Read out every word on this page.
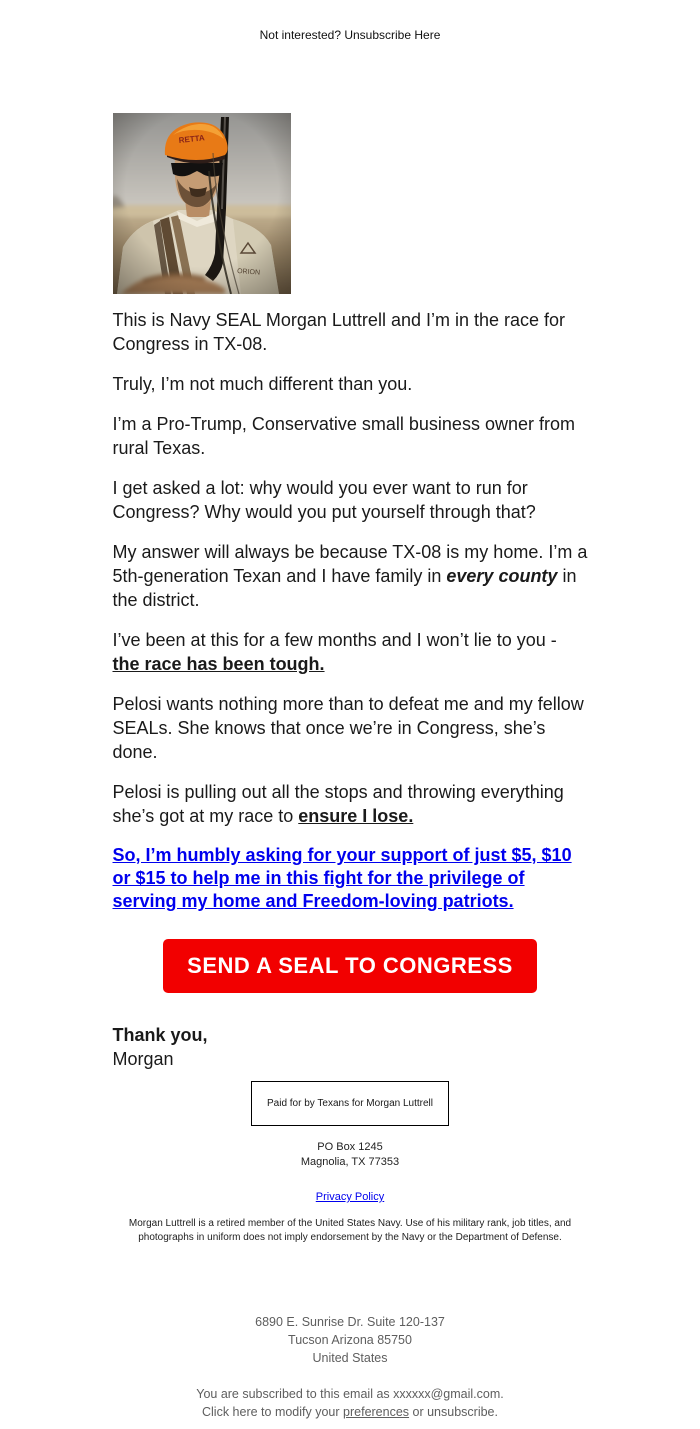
Not interested? Unsubscribe Here

This is Navy SEAL Morgan Luttrell and I’m in the race for Congress in TX-08.

Truly, I’m not much different than you.

I’m a Pro-Trump, Conservative small business owner from rural Texas.

I get asked a lot: why would you ever want to run for Congress? Why would you put yourself through that?

My answer will always be because TX-08 is my home. I’m a 5th-generation Texan and I have family in every county in the district.

I’ve been at this for a few months and I won’t lie to you - the race has been tough.

Pelosi wants nothing more than to defeat me and my fellow SEALs. She knows that once we’re in Congress, she’s done.

Pelosi is pulling out all the stops and throwing everything she’s got at my race to ensure I lose.

So, I’m humbly asking for your support of just $5, $10 or $15 to help me in this fight for the privilege of serving my home and Freedom-loving patriots.
SEND A SEAL TO CONGRESS
Thank you,
Morgan
Paid for by Texans for Morgan Luttrell
PO Box 1245
Magnolia, TX 77353
Privacy Policy
Morgan Luttrell is a retired member of the United States Navy. Use of his military rank, job titles, and photographs in uniform does not imply endorsement by the Navy or the Department of Defense.
6890 E. Sunrise Dr. Suite 120-137
Tucson Arizona 85750
United States
You are subscribed to this email as xxxxxx@gmail.com.
Click here to modify your preferences or unsubscribe.
